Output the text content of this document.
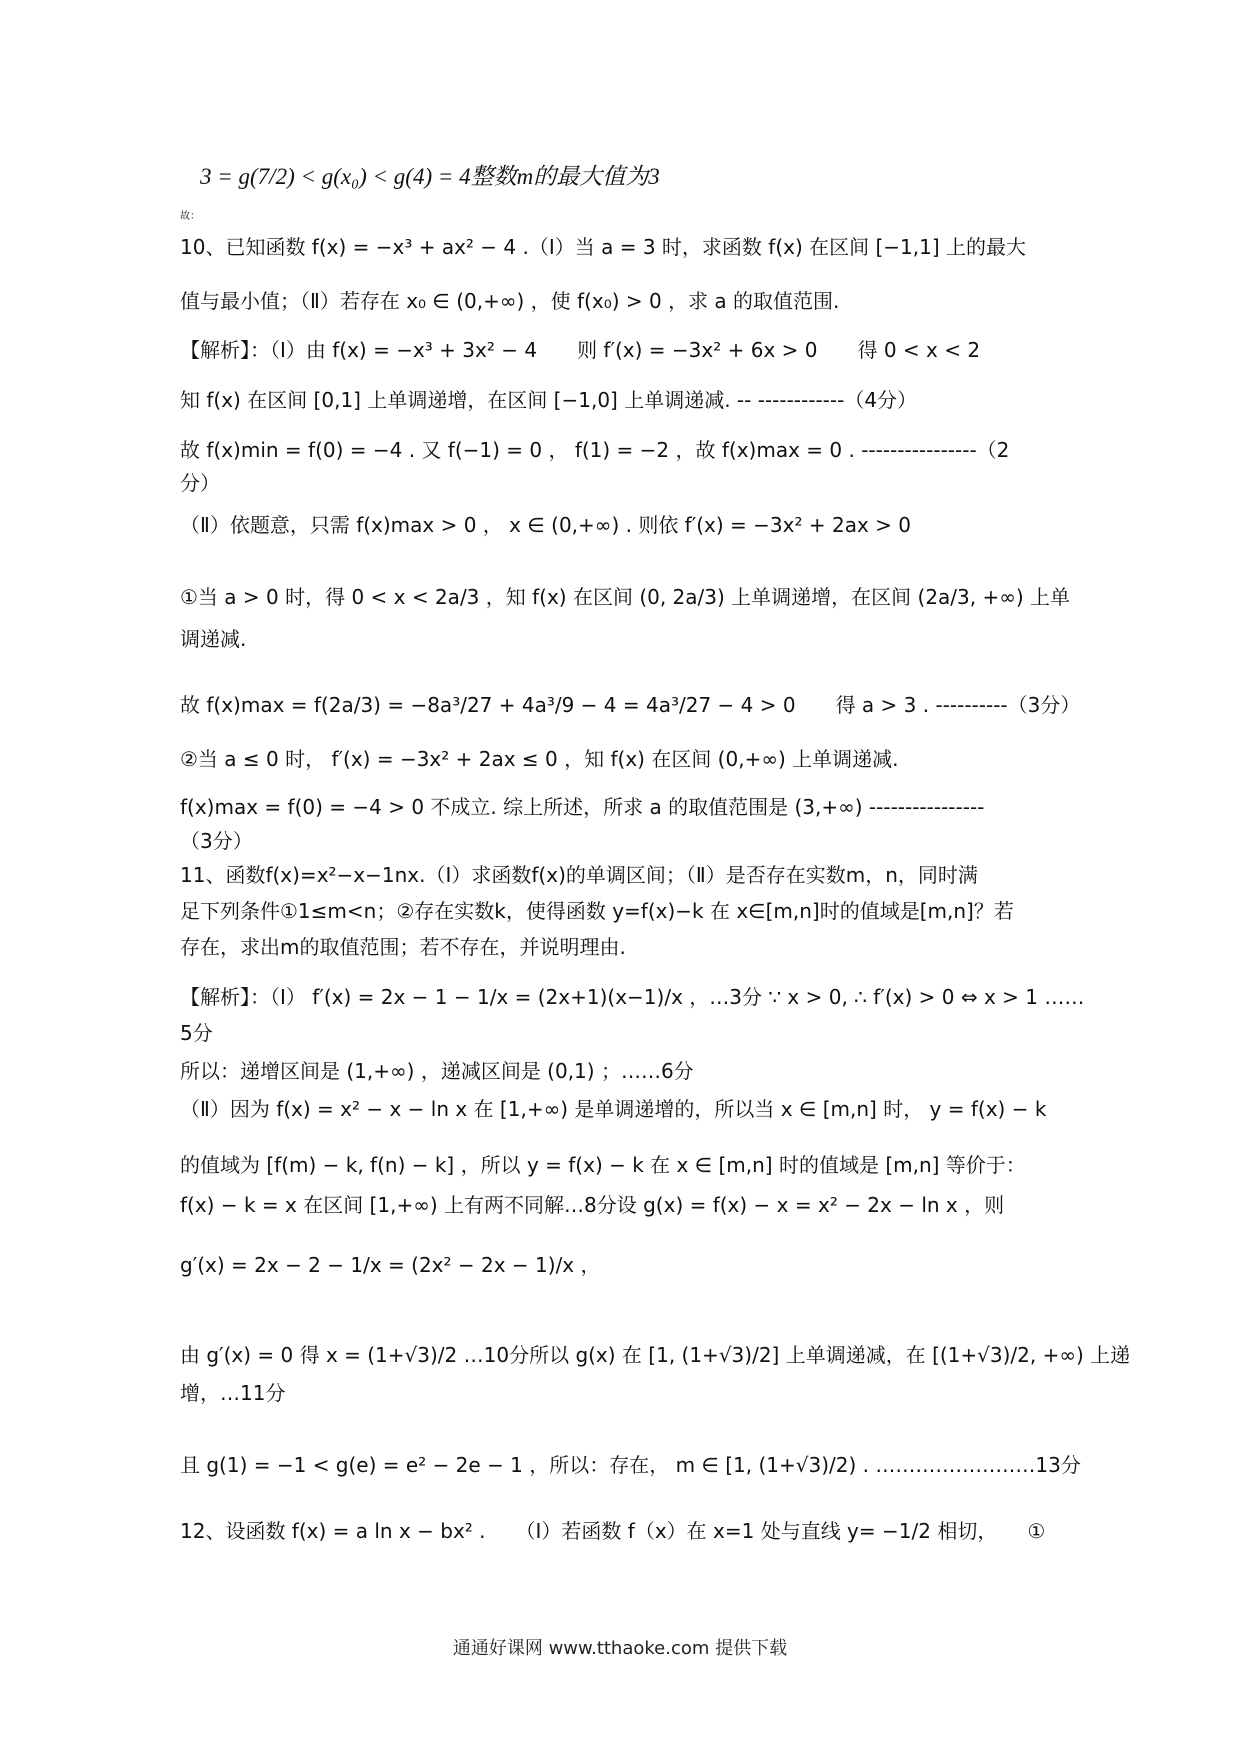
3 = g(7/2) < g(x₀) < g(4) = 4整数m的最大值为3
故：
10、已知函数 f(x) = −x³ + ax² − 4 .（Ⅰ）当 a = 3 时，求函数 f(x) 在区间 [−1,1] 上的最大
值与最小值；（Ⅱ）若存在 x₀ ∈ (0,+∞) ，使 f(x₀) > 0 ，求 a 的取值范围.
【解析】：（Ⅰ）由 f(x) = −x³ + 3x² − 4　　则 f′(x) = −3x² + 6x > 0　　得 0 < x < 2
知 f(x) 在区间 [0,1] 上单调递增，在区间 [−1,0] 上单调递减. -- ------------（4分）
故 f(x)min = f(0) = −4 . 又 f(−1) = 0 ， f(1) = −2 ，故 f(x)max = 0 . ----------------（2
分）
（Ⅱ）依题意，只需 f(x)max > 0 ， x ∈ (0,+∞) . 则依 f′(x) = −3x² + 2ax > 0
①当 a > 0 时，得 0 < x < 2a/3 ，知 f(x) 在区间 (0, 2a/3) 上单调递增，在区间 (2a/3, +∞) 上单
调递减.
故 f(x)max = f(2a/3) = −8a³/27 + 4a³/9 − 4 = 4a³/27 − 4 > 0　　得 a > 3 . ----------（3分）
②当 a ≤ 0 时， f′(x) = −3x² + 2ax ≤ 0 ，知 f(x) 在区间 (0,+∞) 上单调递减.
f(x)max = f(0) = −4 > 0 不成立. 综上所述，所求 a 的取值范围是 (3,+∞) ----------------
（3分）
11、函数f(x)=x²−x−1nx.（Ⅰ）求函数f(x)的单调区间；（Ⅱ）是否存在实数m，n，同时满
足下列条件①1≤m<n；②存在实数k，使得函数 y=f(x)−k 在 x∈[m,n]时的值域是[m,n]？若
存在，求出m的取值范围；若不存在，并说明理由.
【解析】：（Ⅰ） f′(x) = 2x − 1 − 1/x = (2x+1)(x−1)/x ，…3分 ∵ x > 0, ∴ f′(x) > 0 ⇔ x > 1 ……
5分
所以：递增区间是 (1,+∞) ，递减区间是 (0,1) ；……6分
（Ⅱ）因为 f(x) = x² − x − ln x 在 [1,+∞) 是单调递增的，所以当 x ∈ [m,n] 时， y = f(x) − k
的值域为 [f(m) − k, f(n) − k] ，所以 y = f(x) − k 在 x ∈ [m,n] 时的值域是 [m,n] 等价于：
f(x) − k = x 在区间 [1,+∞) 上有两不同解…8分设 g(x) = f(x) − x = x² − 2x − ln x ，则
g′(x) = 2x − 2 − 1/x = (2x² − 2x − 1)/x ，
由 g′(x) = 0 得 x = (1+√3)/2 …10分所以 g(x) 在 [1, (1+√3)/2] 上单调递减，在 [(1+√3)/2, +∞) 上递
增，…11分
且 g(1) = −1 < g(e) = e² − 2e − 1 ，所以：存在， m ∈ [1, (1+√3)/2) . ……………………13分
12、设函数 f(x) = a ln x − bx² .　　（Ⅰ）若函数 f（x）在 x=1 处与直线 y= −1/2 相切，　　①
通通好课网 www.tthaoke.com 提供下载
